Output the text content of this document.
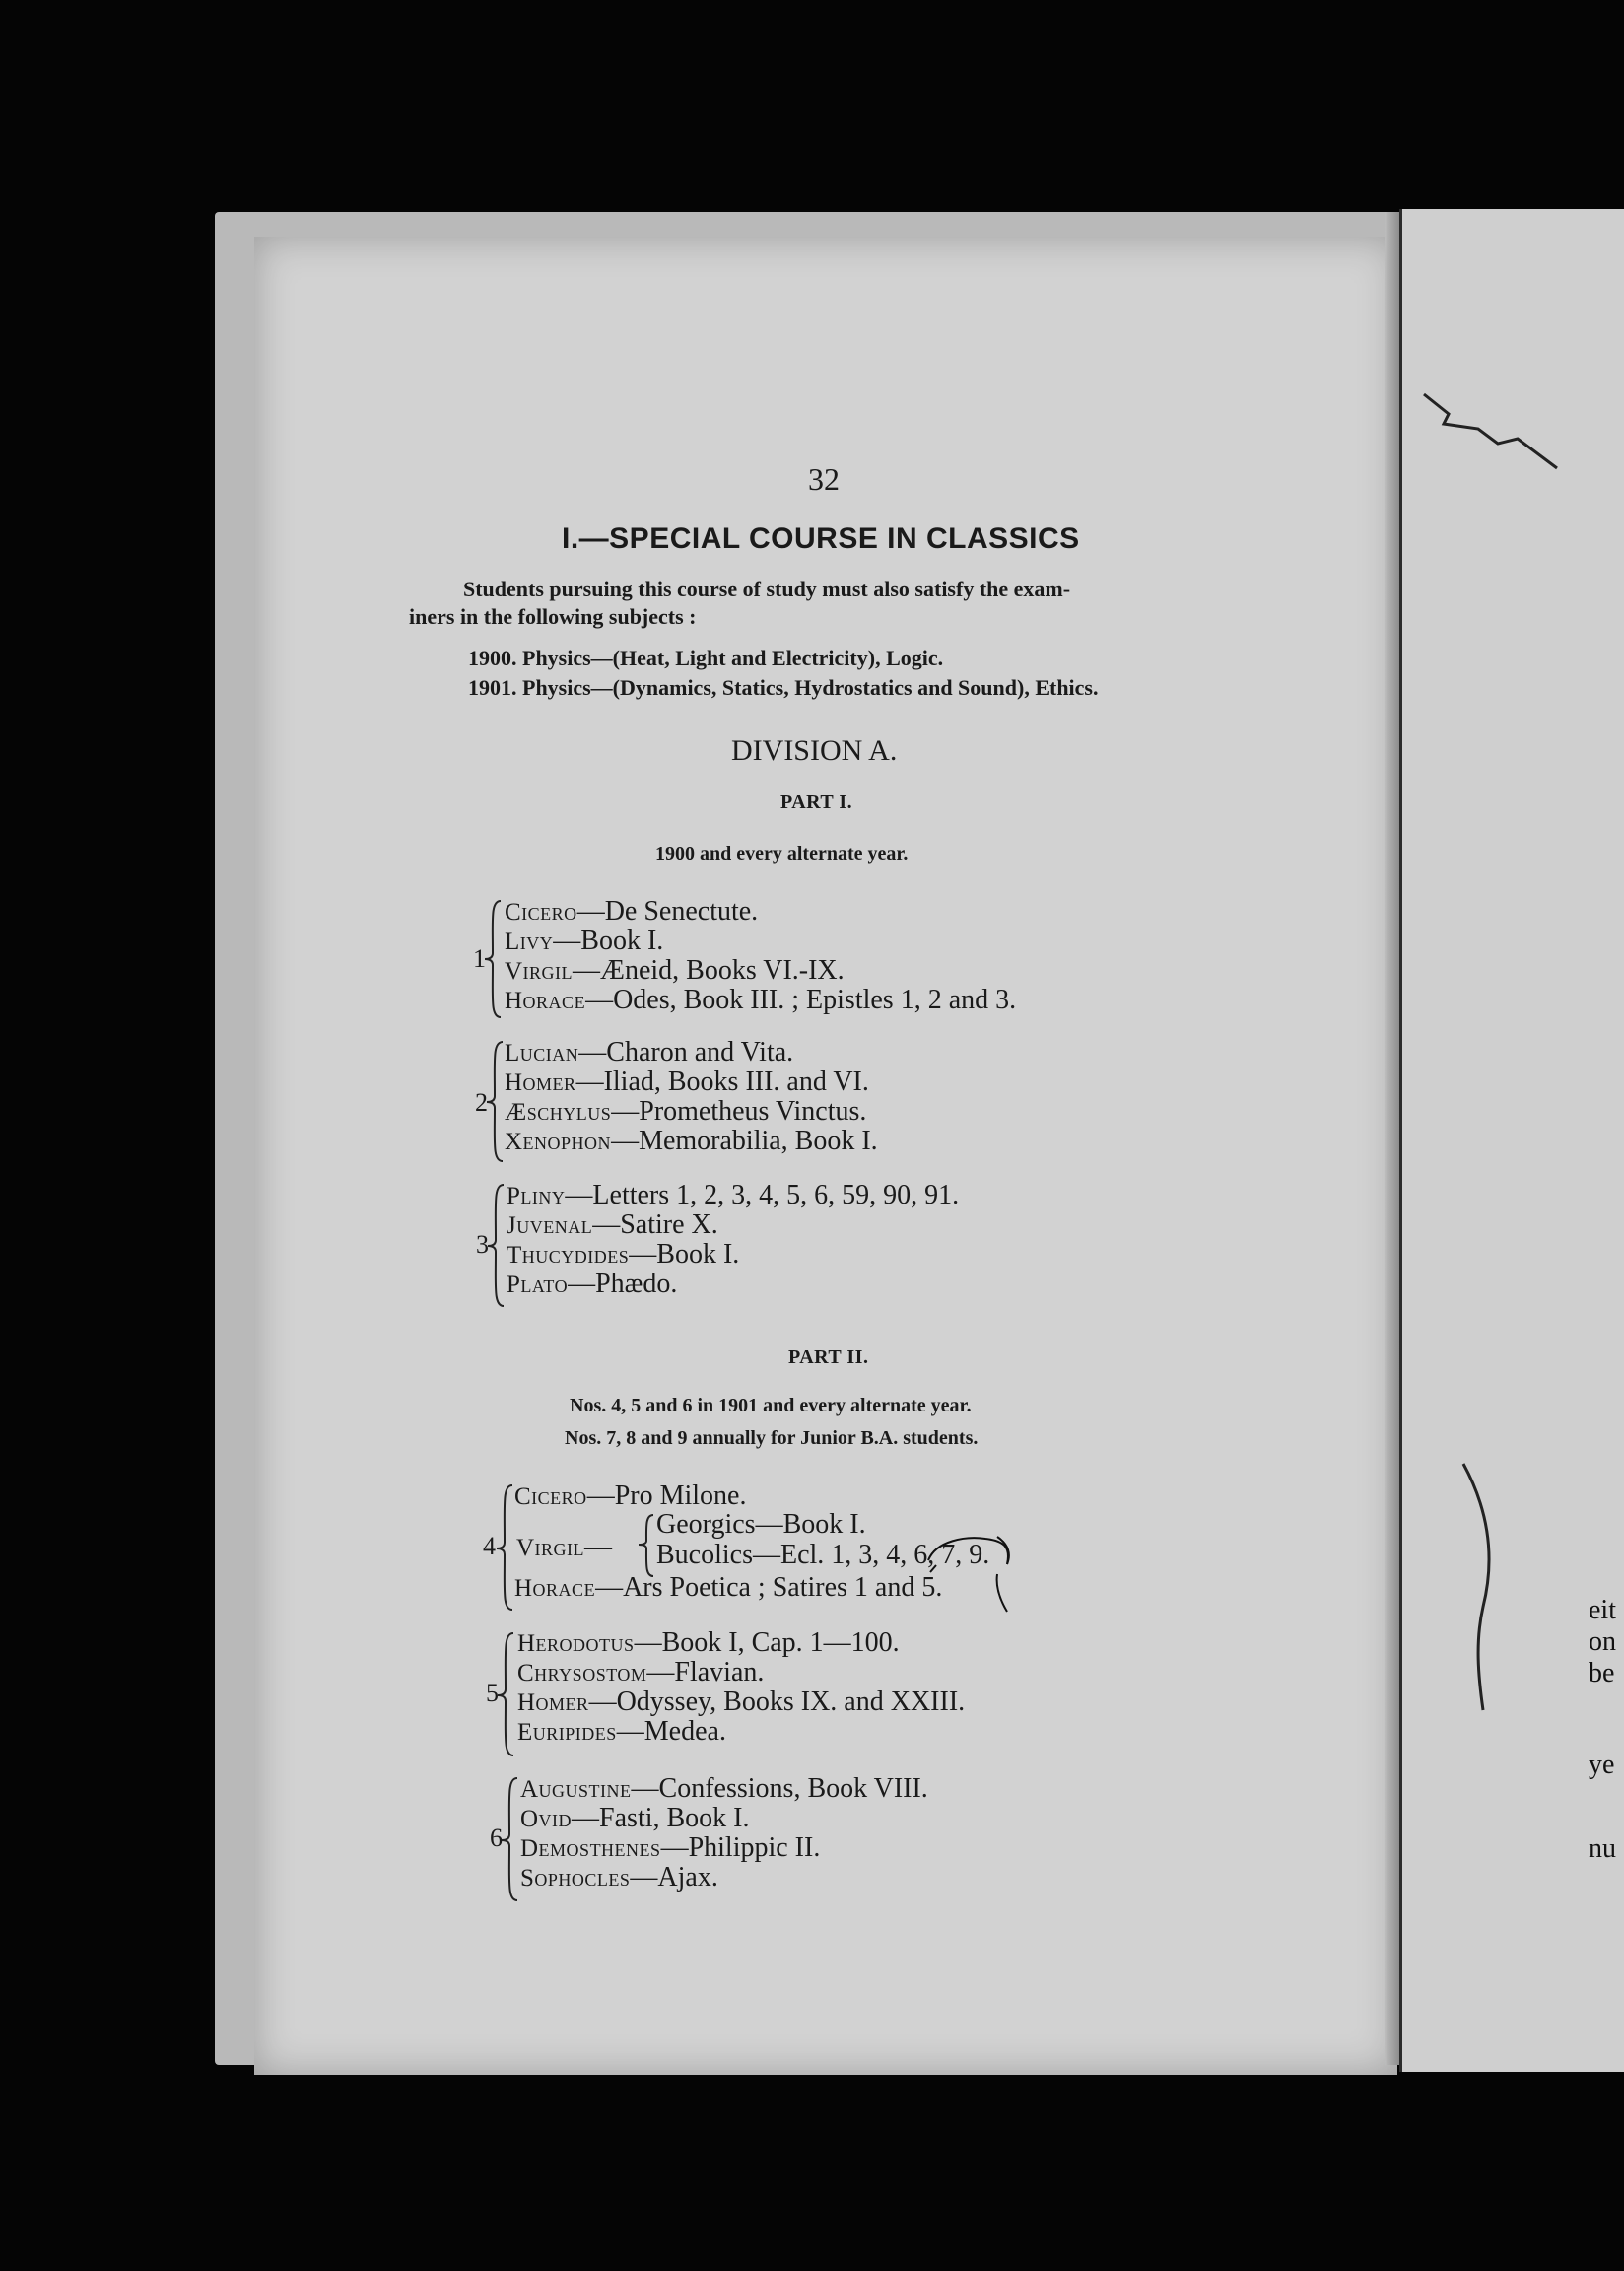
eit
on
be
ye
nu
32
I.—SPECIAL COURSE IN CLASSICS
Students pursuing this course of study must also satisfy the exam-
iners in the following subjects :
1900. Physics—(Heat, Light and Electricity), Logic.
1901. Physics—(Dynamics, Statics, Hydrostatics and Sound), Ethics.
DIVISION A.
PART I.
1900 and every alternate year.
1
Cicero—De Senectute.
Livy—Book I.
Virgil—Æneid, Books VI.-IX.
Horace—Odes, Book III. ; Epistles 1, 2 and 3.
2
Lucian—Charon and Vita.
Homer—Iliad, Books III. and VI.
Æschylus—Prometheus Vinctus.
Xenophon—Memorabilia, Book I.
3
Pliny—Letters 1, 2, 3, 4, 5, 6, 59, 90, 91.
Juvenal—Satire X.
Thucydides—Book I.
Plato—Phædo.
PART II.
Nos. 4, 5 and 6 in 1901 and every alternate year.
Nos. 7, 8 and 9 annually for Junior B.A. students.
4
Cicero—Pro Milone.
Virgil—
Georgics—Book I.
Bucolics—Ecl. 1, 3, 4, 6, 7, 9.
Horace—Ars Poetica ; Satires 1 and 5.
5
Herodotus—Book I, Cap. 1—100.
Chrysostom—Flavian.
Homer—Odyssey, Books IX. and XXIII.
Euripides—Medea.
6
Augustine—Confessions, Book VIII.
Ovid—Fasti, Book I.
Demosthenes—Philippic II.
Sophocles—Ajax.
